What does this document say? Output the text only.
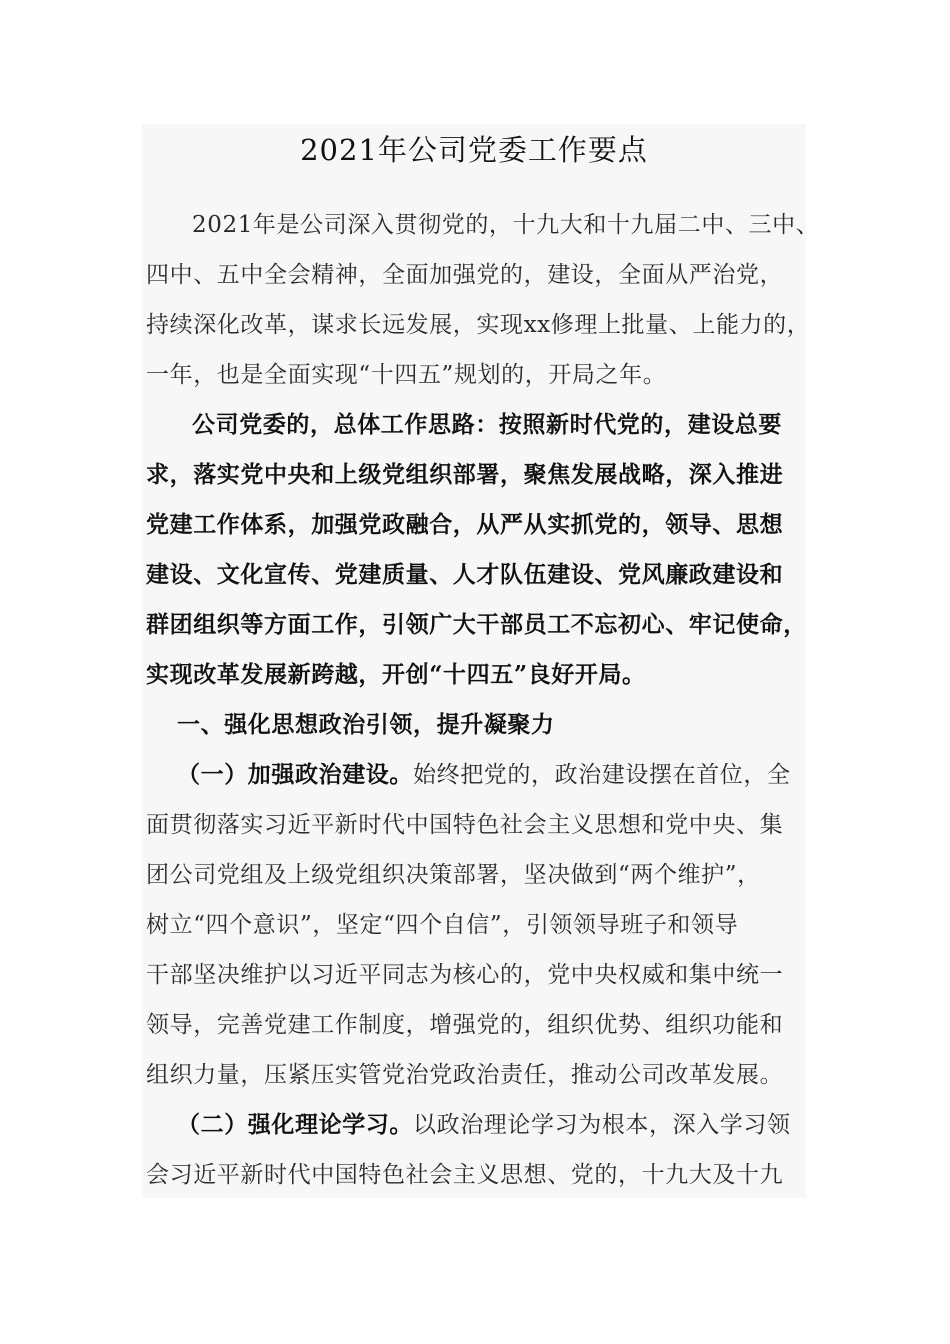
2021年公司党委工作要点
2021年是公司深入贯彻党的，十九大和十九届二中、三中、
四中、五中全会精神，全面加强党的，建设，全面从严治党，
持续深化改革，谋求长远发展，实现xx修理上批量、上能力的，
一年，也是全面实现“十四五”规划的，开局之年。
公司党委的，总体工作思路：按照新时代党的，建设总要
求，落实党中央和上级党组织部署，聚焦发展战略，深入推进
党建工作体系，加强党政融合，从严从实抓党的，领导、思想
建设、文化宣传、党建质量、人才队伍建设、党风廉政建设和
群团组织等方面工作，引领广大干部员工不忘初心、牢记使命，
实现改革发展新跨越，开创“十四五”良好开局。
一、强化思想政治引领，提升凝聚力
（一）加强政治建设。始终把党的，政治建设摆在首位，全
面贯彻落实习近平新时代中国特色社会主义思想和党中央、集
团公司党组及上级党组织决策部署，坚决做到“两个维护”，
树立“四个意识”，坚定“四个自信”，引领领导班子和领导
干部坚决维护以习近平同志为核心的，党中央权威和集中统一
领导，完善党建工作制度，增强党的，组织优势、组织功能和
组织力量，压紧压实管党治党政治责任，推动公司改革发展。
（二）强化理论学习。以政治理论学习为根本，深入学习领
会习近平新时代中国特色社会主义思想、党的，十九大及十九
